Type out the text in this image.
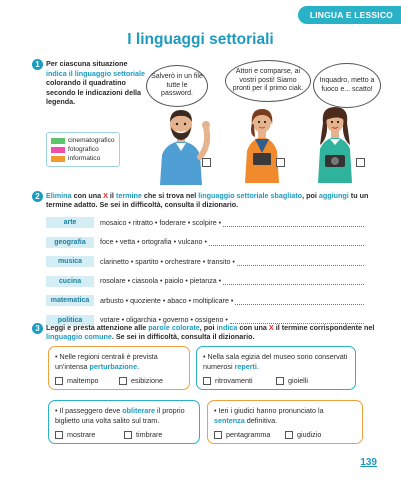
LINGUA E LESSICO
I linguaggi settoriali
1 Per ciascuna situazione indica il linguaggio settoriale colorando il quadratino secondo le indicazioni della legenda.
Salverò in un file tutte le password.
Attori e comparse, ai vostri posti! Siamo pronti per il primo ciak.
Inquadro, metto a fuoco e... scatto!
cinematografico
fotografico
informatico
2 Elimina con una X il termine che si trova nel linguaggio settoriale sbagliato, poi aggiungi tu un termine adatto. Se sei in difficoltà, consulta il dizionario.
arte	mosaico • ritratto • foderare • scolpire •
geografia	foce • vetta • ortografia • vulcano •
musica	clarinetto • spartito • orchestrare • transito •
cucina	rosolare • ciasoola • paiolo • pietanza •
matematica	arbusto • quoziente • abaco • moltiplicare •
politica	votare • oligarchia • governo • ossigeno •
3 Leggi e presta attenzione alle parole colorate, poi indica con una X il termine corrispondente nel linguaggio comune. Se sei in difficoltà, consulta il dizionario.
• Nelle regioni centrali è prevista un'intensa perturbazione.
maltempo	esibizione
• Nella sala egizia del museo sono conservati numerosi reperti.
ritrovamenti	gioielli
• Il passeggero deve obliterare il proprio biglietto una volta salito sul tram.
mostrare	timbrare
• Ieri i giudici hanno pronunciato la sentenza definitiva.
pentagramma	giudizio
139
